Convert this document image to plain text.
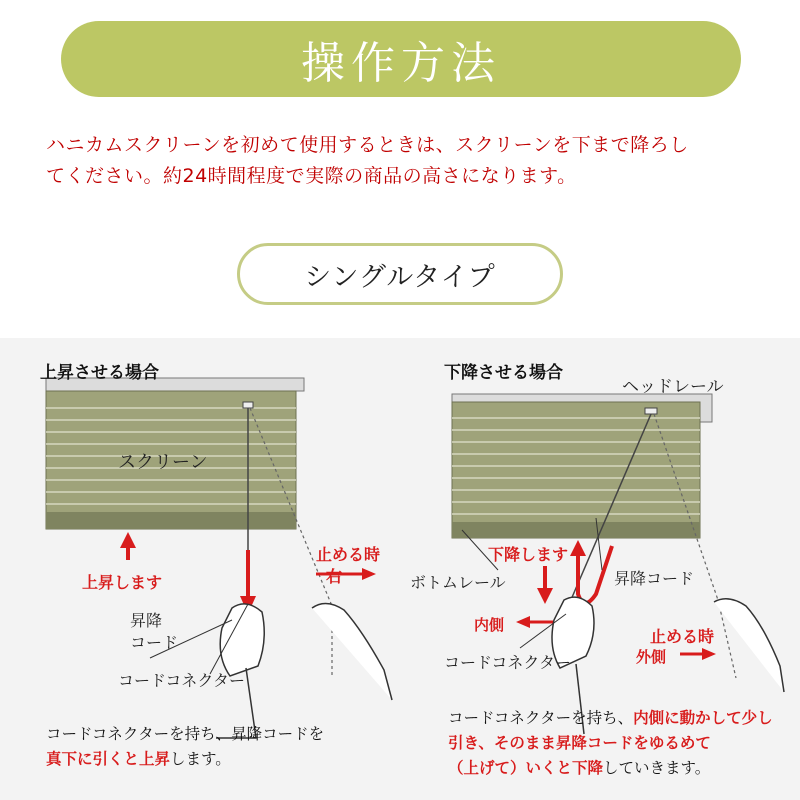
操作方法
ハニカムスクリーンを初めて使用するときは、スクリーンを下まで降ろし
てください。約24時間程度で実際の商品の高さになります。
シングルタイプ
上昇させる場合
スクリーン
上昇します
止める時
右
昇降
コード
コードコネクター
コードコネクターを持ち、昇降コードを
真下に引くと上昇します。
下降させる場合
ヘッドレール
下降します
昇降コード
ボトムレール
内側
コードコネクター
止める時
外側
コードコネクターを持ち、内側に動かして少し
引き、そのまま昇降コードをゆるめて
（上げて）いくと下降していきます。
